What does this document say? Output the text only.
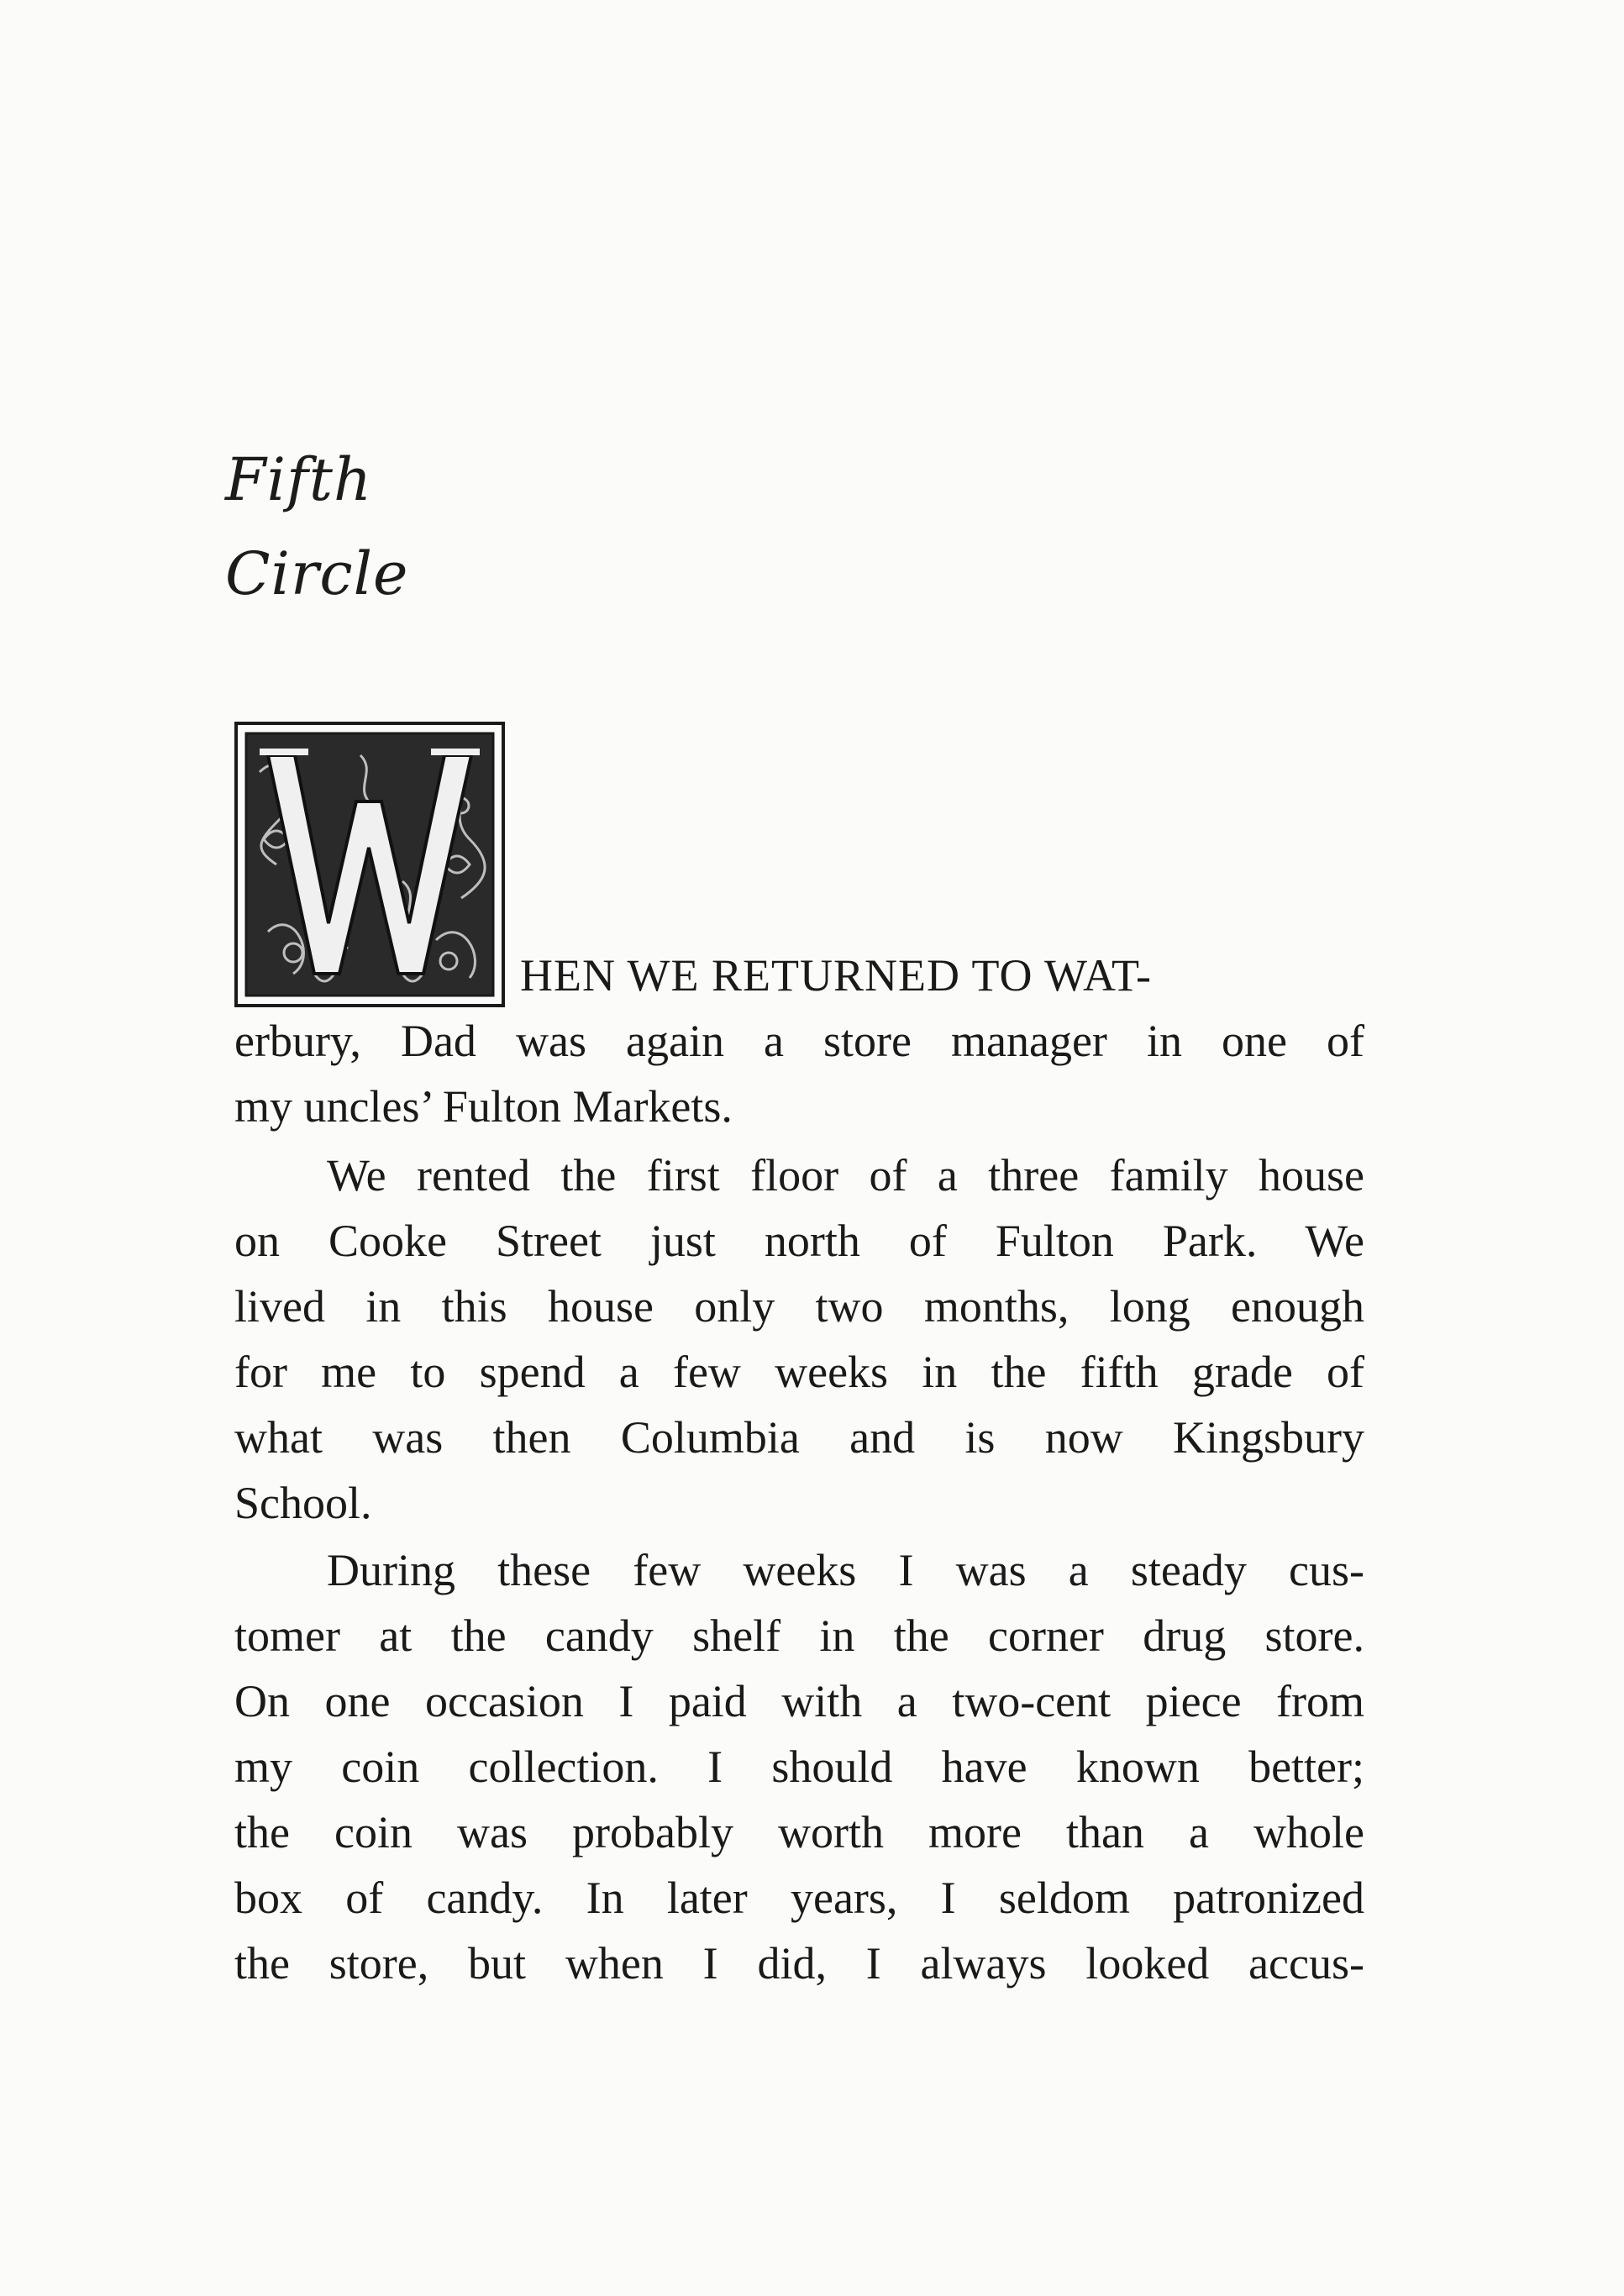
Fifth
Circle
HEN WE RETURNED TO WAT-
erbury, Dad was again a store manager in one of
my uncles’ Fulton Markets.
We rented the first floor of a three family house
on Cooke Street just north of Fulton Park. We
lived in this house only two months, long enough
for me to spend a few weeks in the fifth grade of
what was then Columbia and is now Kingsbury
School.
During these few weeks I was a steady cus-
tomer at the candy shelf in the corner drug store.
On one occasion I paid with a two-cent piece from
my coin collection. I should have known better;
the coin was probably worth more than a whole
box of candy. In later years, I seldom patronized
the store, but when I did, I always looked accus-
